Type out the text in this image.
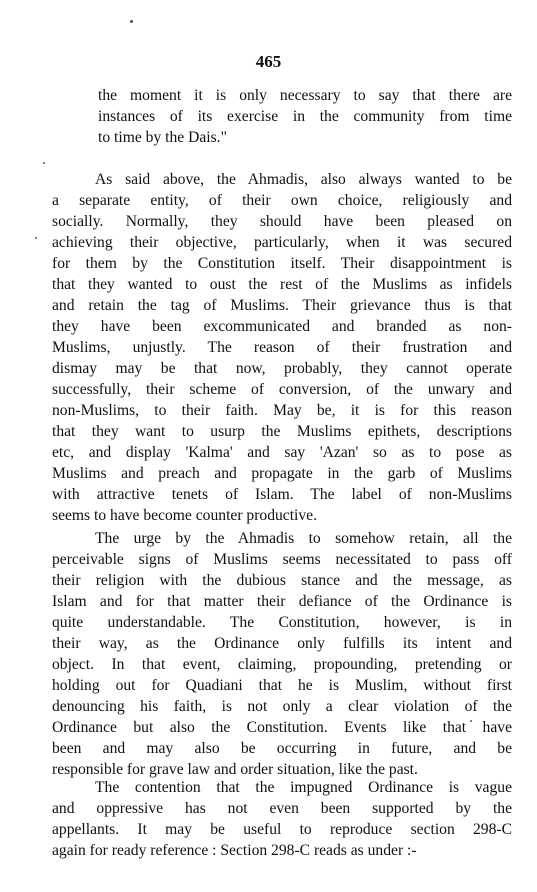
465
the moment it is only necessary to say that there are
instances of its exercise in the community from time
to time by the Dais."
As said above, the Ahmadis, also always wanted to be
a separate entity, of their own choice, religiously and
socially. Normally, they should have been pleased on
achieving their objective, particularly, when it was secured
for them by the Constitution itself. Their disappointment is
that they wanted to oust the rest of the Muslims as infidels
and retain the tag of Muslims. Their grievance thus is that
they have been excommunicated and branded as non-
Muslims, unjustly. The reason of their frustration and
dismay may be that now, probably, they cannot operate
successfully, their scheme of conversion, of the unwary and
non-Muslims, to their faith. May be, it is for this reason
that they want to usurp the Muslims epithets, descriptions
etc, and display 'Kalma' and say 'Azan' so as to pose as
Muslims and preach and propagate in the garb of Muslims
with attractive tenets of Islam. The label of non-Muslims
seems to have become counter productive.
The urge by the Ahmadis to somehow retain, all the
perceivable signs of Muslims seems necessitated to pass off
their religion with the dubious stance and the message, as
Islam and for that matter their defiance of the Ordinance is
quite understandable. The Constitution, however, is in
their way, as the Ordinance only fulfills its intent and
object. In that event, claiming, propounding, pretending or
holding out for Quadiani that he is Muslim, without first
denouncing his faith, is not only a clear violation of the
Ordinance but also the Constitution. Events like that have
been and may also be occurring in future, and be
responsible for grave law and order situation, like the past.
The contention that the impugned Ordinance is vague
and oppressive has not even been supported by the
appellants. It may be useful to reproduce section 298-C
again for ready reference : Section 298-C reads as under :-
